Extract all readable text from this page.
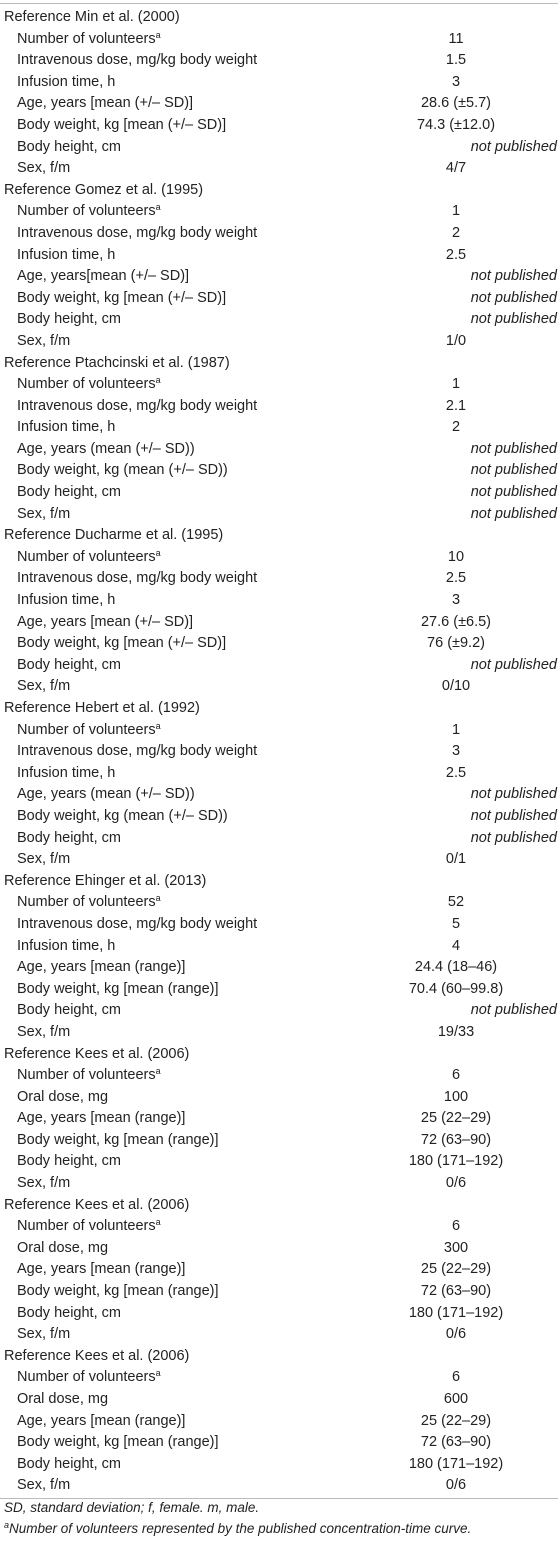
Reference Min et al. (2000)
Number of volunteers$^a$	11
Intravenous dose, mg/kg body weight	1.5
Infusion time, h	3
Age, years [mean (+/– SD)]	28.6 (±5.7)
Body weight, kg [mean (+/– SD)]	74.3 (±12.0)
Body height, cm	not published
Sex, f/m	4/7
Reference Gomez et al. (1995)
Number of volunteers$^a$	1
Intravenous dose, mg/kg body weight	2
Infusion time, h	2.5
Age, years[mean (+/– SD)]	not published
Body weight, kg [mean (+/– SD)]	not published
Body height, cm	not published
Sex, f/m	1/0
Reference Ptachcinski et al. (1987)
Number of volunteers$^a$	1
Intravenous dose, mg/kg body weight	2.1
Infusion time, h	2
Age, years (mean (+/– SD))	not published
Body weight, kg (mean (+/– SD))	not published
Body height, cm	not published
Sex, f/m	not published
Reference Ducharme et al. (1995)
Number of volunteers$^a$	10
Intravenous dose, mg/kg body weight	2.5
Infusion time, h	3
Age, years [mean (+/– SD)]	27.6 (±6.5)
Body weight, kg [mean (+/– SD)]	76 (±9.2)
Body height, cm	not published
Sex, f/m	0/10
Reference Hebert et al. (1992)
Number of volunteers$^a$	1
Intravenous dose, mg/kg body weight	3
Infusion time, h	2.5
Age, years (mean (+/– SD))	not published
Body weight, kg (mean (+/– SD))	not published
Body height, cm	not published
Sex, f/m	0/1
Reference Ehinger et al. (2013)
Number of volunteers$^a$	52
Intravenous dose, mg/kg body weight	5
Infusion time, h	4
Age, years [mean (range)]	24.4 (18–46)
Body weight, kg [mean (range)]	70.4 (60–99.8)
Body height, cm	not published
Sex, f/m	19/33
Reference Kees et al. (2006)
Number of volunteers$^a$	6
Oral dose, mg	100
Age, years [mean (range)]	25 (22–29)
Body weight, kg [mean (range)]	72 (63–90)
Body height, cm	180 (171–192)
Sex, f/m	0/6
Reference Kees et al. (2006)
Number of volunteers$^a$	6
Oral dose, mg	300
Age, years [mean (range)]	25 (22–29)
Body weight, kg [mean (range)]	72 (63–90)
Body height, cm	180 (171–192)
Sex, f/m	0/6
Reference Kees et al. (2006)
Number of volunteers$^a$	6
Oral dose, mg	600
Age, years [mean (range)]	25 (22–29)
Body weight, kg [mean (range)]	72 (63–90)
Body height, cm	180 (171–192)
Sex, f/m	0/6
SD, standard deviation; f, female. m, male.
$^a$Number of volunteers represented by the published concentration-time curve.
